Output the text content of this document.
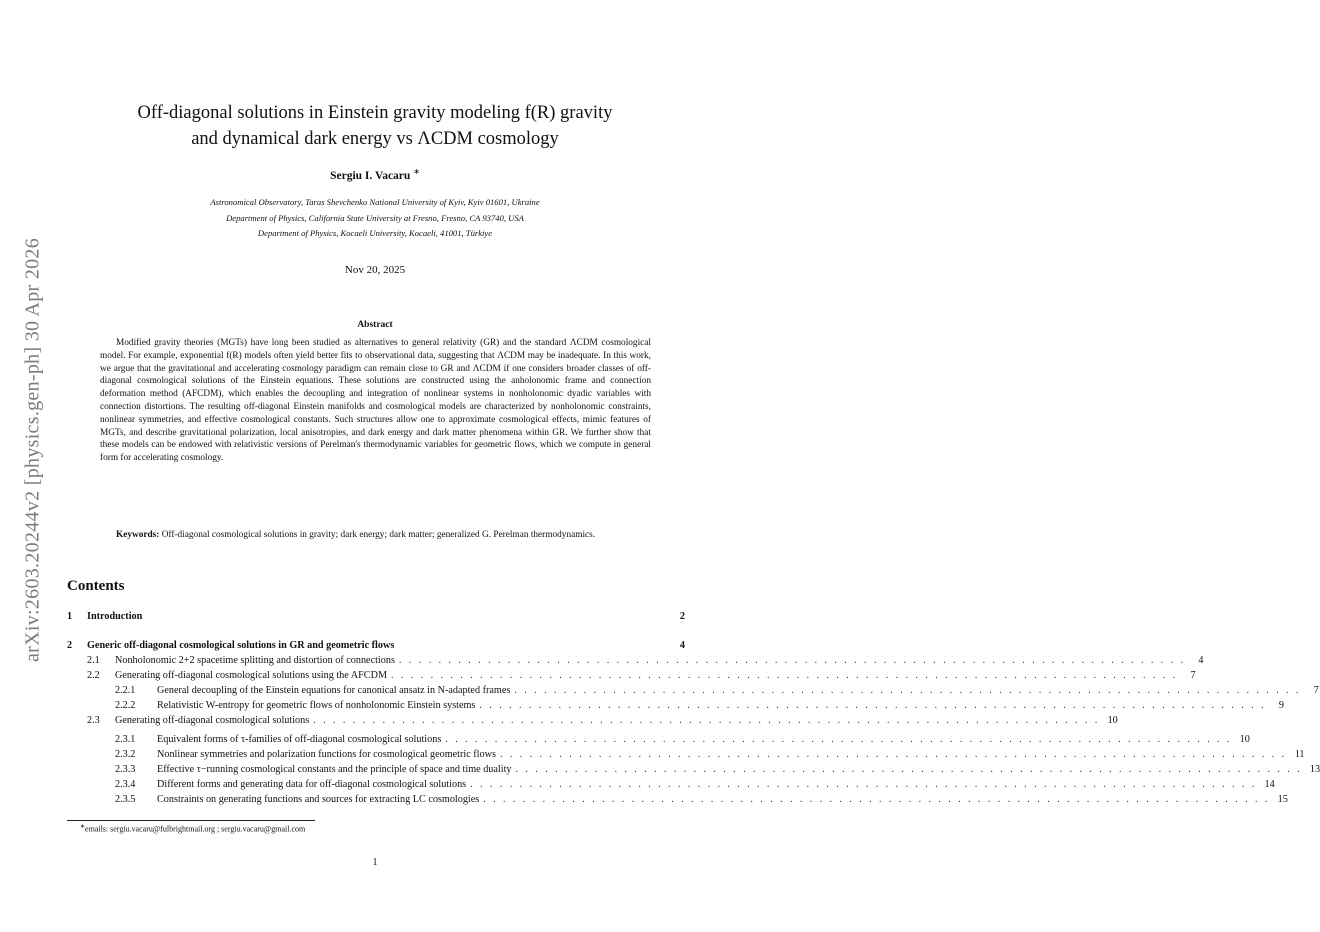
arXiv:2603.20244v2 [physics.gen-ph] 30 Apr 2026
Off-diagonal solutions in Einstein gravity modeling f(R) gravity
and dynamical dark energy vs ΛCDM cosmology
Sergiu I. Vacaru ∗
Astronomical Observatory, Taras Shevchenko National University of Kyiv, Kyiv 01601, Ukraine
Department of Physics, California State University at Fresno, Fresno, CA 93740, USA
Department of Physics, Kocaeli University, Kocaeli, 41001, Türkiye
Nov 20, 2025
Abstract
Modified gravity theories (MGTs) have long been studied as alternatives to general relativity (GR) and the standard ΛCDM cosmological model. For example, exponential f(R) models often yield better fits to observational data, suggesting that ΛCDM may be inadequate. In this work, we argue that the gravitational and accelerating cosmology paradigm can remain close to GR and ΛCDM if one considers broader classes of off-diagonal cosmological solutions of the Einstein equations. These solutions are constructed using the anholonomic frame and connection deformation method (AFCDM), which enables the decoupling and integration of nonlinear systems in nonholonomic dyadic variables with connection distortions. The resulting off-diagonal Einstein manifolds and cosmological models are characterized by nonholonomic constraints, nonlinear symmetries, and effective cosmological constants. Such structures allow one to approximate cosmological effects, mimic features of MGTs, and describe gravitational polarization, local anisotropies, and dark energy and dark matter phenomena within GR. We further show that these models can be endowed with relativistic versions of Perelman's thermodynamic variables for geometric flows, which we compute in general form for accelerating cosmology.
Keywords: Off-diagonal cosmological solutions in gravity; dark energy; dark matter; generalized G. Perelman thermodynamics.
Contents
1	Introduction	2
2	Generic off-diagonal cosmological solutions in GR and geometric flows	4
2.1	Nonholonomic 2+2 spacetime splitting and distortion of connections . . . . . . . . . . . . . . . . . . . . . . . . . . . . . . . . . . . . . . . . . . . . . . . . . . . . . . . . . . . . . . . . . . . . . . . . . . . . . . . .	4
2.2	Generating off-diagonal cosmological solutions using the AFCDM . . . . . . . . . . . . . . . . . . . . . . . . . . . . . . . . . . . . . . . . . . . . . . . . . . . . . . . . . . . . . . . . . . . . . . . . . . . . . . . .	7
2.2.1	General decoupling of the Einstein equations for canonical ansatz in N-adapted frames . . . . . . . . . . . . . . . . . . . . . . . . . . . . . . . . . . . . . . . . . . . . . . . . . . . . . . . . . . . . . . . . . . . . . . . . . . . . . . . .	7
2.2.2	Relativistic W-entropy for geometric flows of nonholonomic Einstein systems . . . . . . . . . . . . . . . . . . . . . . . . . . . . . . . . . . . . . . . . . . . . . . . . . . . . . . . . . . . . . . . . . . . . . . . . . . . . . . . .	9
2.3	Generating off-diagonal cosmological solutions . . . . . . . . . . . . . . . . . . . . . . . . . . . . . . . . . . . . . . . . . . . . . . . . . . . . . . . . . . . . . . . . . . . . . . . . . . . . . . . . 10
2.3.1	Equivalent forms of τ-families of off-diagonal cosmological solutions . . . . . . . . . . . . . . . . . . . . . . . . . . . . . . . . . . . . . . . . . . . . . . . . . . . . . . . . . . . . . . . . . . . . . . . . . . . . . . . . 10
2.3.2	Nonlinear symmetries and polarization functions for cosmological geometric flows . . . . . . . . . . . . . . . . . . . . . . . . . . . . . . . . . . . . . . . . . . . . . . . . . . . . . . . . . . . . . . . . . . . . . . . . . . . . . . . . 11
2.3.3	Effective τ−running cosmological constants and the principle of space and time duality . . . . . . . . . . . . . . . . . . . . . . . . . . . . . . . . . . . . . . . . . . . . . . . . . . . . . . . . . . . . . . . . . . . . . . . . . . . . . . . . 13
2.3.4	Different forms and generating data for off-diagonal cosmological solutions . . . . . . . . . . . . . . . . . . . . . . . . . . . . . . . . . . . . . . . . . . . . . . . . . . . . . . . . . . . . . . . . . . . . . . . . . . . . . . . . 14
2.3.5	Constraints on generating functions and sources for extracting LC cosmologies . . . . . . . . . . . . . . . . . . . . . . . . . . . . . . . . . . . . . . . . . . . . . . . . . . . . . . . . . . . . . . . . . . . . . . . . . . . . . . . . 15
∗emails: sergiu.vacaru@fulbrightmail.org ; sergiu.vacaru@gmail.com
1
